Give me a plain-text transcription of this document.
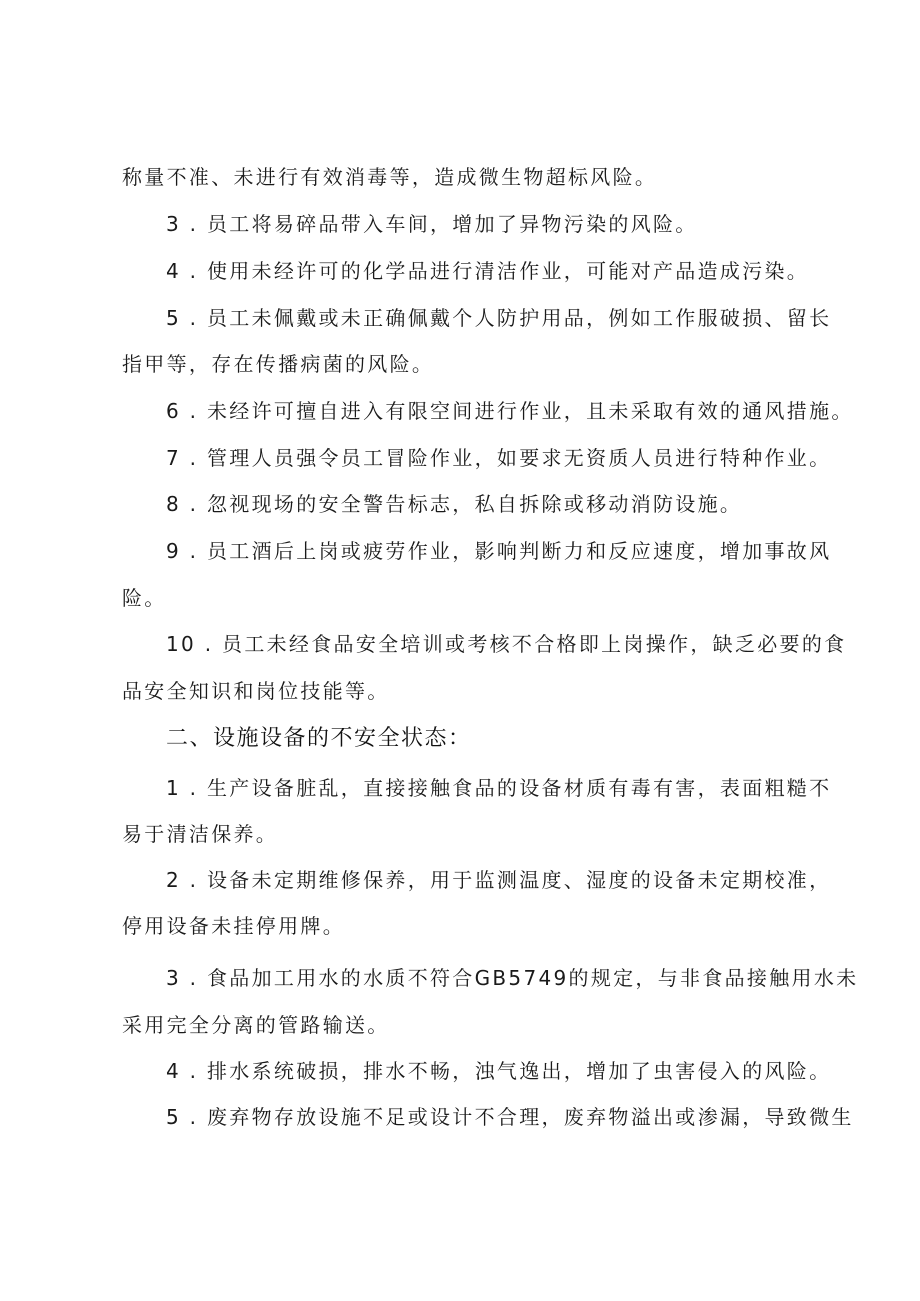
称量不准、未进行有效消毒等，造成微生物超标风险。
3 . 员工将易碎品带入车间，增加了异物污染的风险。
4 . 使用未经许可的化学品进行清洁作业，可能对产品造成污染。
5 . 员工未佩戴或未正确佩戴个人防护用品，例如工作服破损、留长
指甲等，存在传播病菌的风险。
6 . 未经许可擅自进入有限空间进行作业，且未采取有效的通风措施。
7 . 管理人员强令员工冒险作业，如要求无资质人员进行特种作业。
8 . 忽视现场的安全警告标志，私自拆除或移动消防设施。
9 . 员工酒后上岗或疲劳作业，影响判断力和反应速度，增加事故风
险。
10 . 员工未经食品安全培训或考核不合格即上岗操作，缺乏必要的食
品安全知识和岗位技能等。
二、设施设备的不安全状态：
1 . 生产设备脏乱，直接接触食品的设备材质有毒有害，表面粗糙不
易于清洁保养。
2 . 设备未定期维修保养，用于监测温度、湿度的设备未定期校准，
停用设备未挂停用牌。
3 . 食品加工用水的水质不符合GB5749的规定，与非食品接触用水未
采用完全分离的管路输送。
4 . 排水系统破损，排水不畅，浊气逸出，增加了虫害侵入的风险。
5 . 废弃物存放设施不足或设计不合理，废弃物溢出或渗漏，导致微生
